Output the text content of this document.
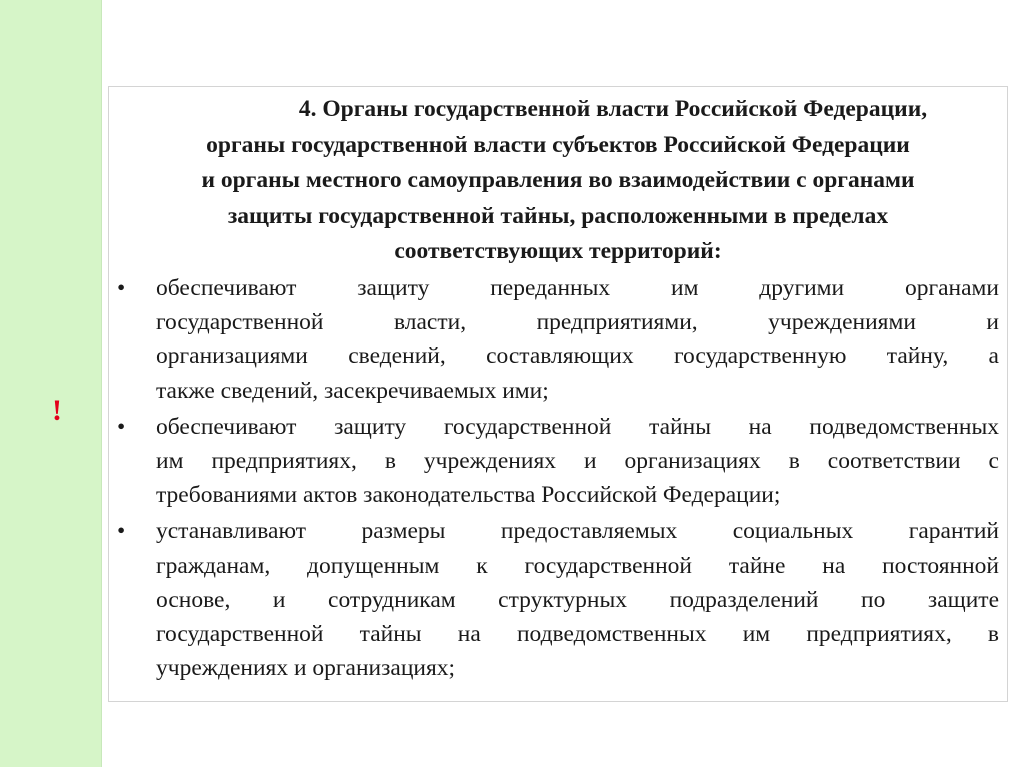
!

4. Органы государственной власти Российской Федерации,
органы государственной власти субъектов Российской Федерации
и органы местного самоуправления во взаимодействии с органами
защиты государственной тайны, расположенными в пределах
соответствующих территорий:

• обеспечивают защиту переданных им другими органами
государственной власти, предприятиями, учреждениями и
организациями сведений, составляющих государственную тайну, а
также сведений, засекречиваемых ими;
• обеспечивают защиту государственной тайны на подведомственных
им предприятиях, в учреждениях и организациях в соответствии с
требованиями актов законодательства Российской Федерации;
• устанавливают размеры предоставляемых социальных гарантий
гражданам, допущенным к государственной тайне на постоянной
основе, и сотрудникам структурных подразделений по защите
государственной тайны на подведомственных им предприятиях, в
учреждениях и организациях;
